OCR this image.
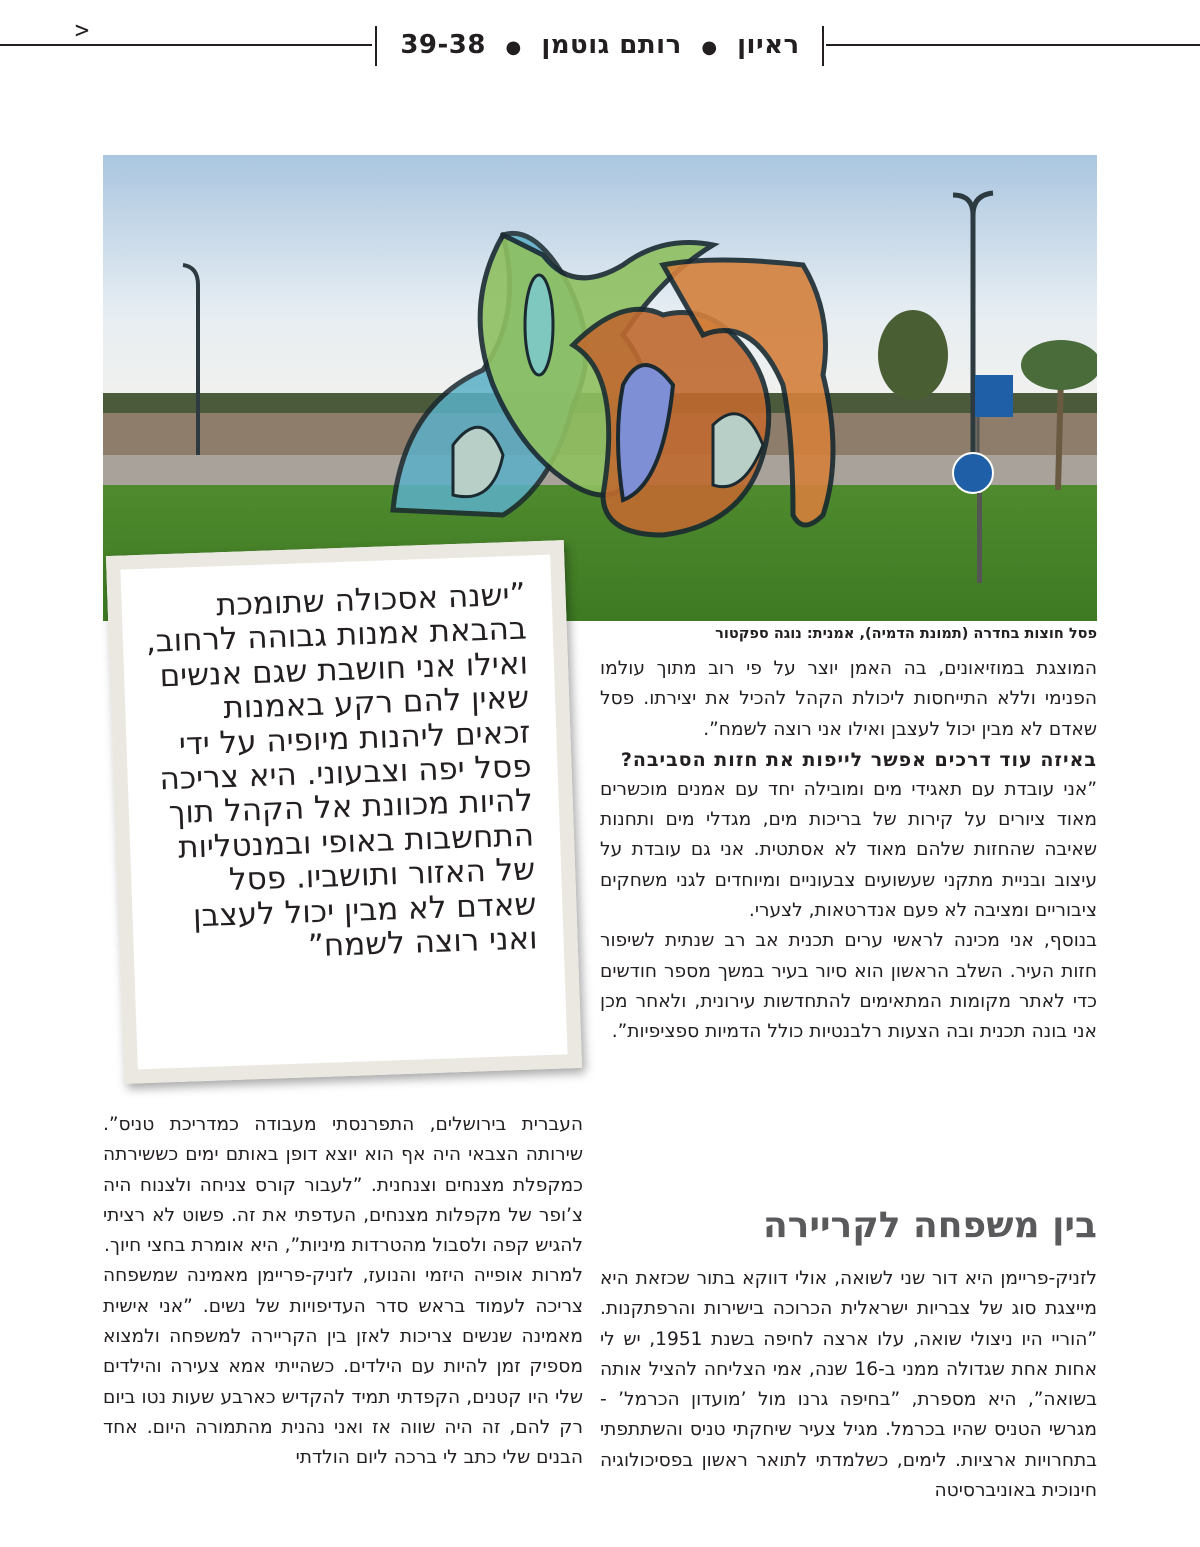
<	ראיון ● רותם גוטמן ● 39-38
פסל חוצות בחדרה (תמונת הדמיה), אמנית: נוגה ספקטור

המוצגת במוזיאונים, בה האמן יוצר על פי רוב מתוך עולמו הפנימי וללא התייחסות ליכולת הקהל להכיל את יצירתו. פסל שאדם לא מבין יכול לעצבן ואילו אני רוצה לשמח”.

באיזה עוד דרכים אפשר לייפות את חזות הסביבה?

”אני עובדת עם תאגידי מים ומובילה יחד עם אמנים מוכשרים מאוד ציורים על קירות של בריכות מים, מגדלי מים ותחנות שאיבה שהחזות שלהם מאוד לא אסתטית. אני גם עובדת על עיצוב ובניית מתקני שעשועים צבעוניים ומיוחדים לגני משחקים ציבוריים ומציבה לא פעם אנדרטאות, לצערי.

בנוסף, אני מכינה לראשי ערים תכנית אב רב שנתית לשיפור חזות העיר. השלב הראשון הוא סיור בעיר במשך מספר חודשים כדי לאתר מקומות המתאימים להתחדשות עירונית, ולאחר מכן אני בונה תכנית ובה הצעות רלבנטיות כולל הדמיות ספציפיות”.

בין משפחה לקריירה

לזניק-פריימן היא דור שני לשואה, אולי דווקא בתור שכזאת היא מייצגת סוג של צבריות ישראלית הכרוכה בישירות והרפתקנות. ”הוריי היו ניצולי שואה, עלו ארצה לחיפה בשנת 1951, יש לי אחות אחת שגדולה ממני ב-16 שנה, אמי הצליחה להציל אותה בשואה”, היא מספרת, ”בחיפה גרנו מול ’מועדון הכרמל’ - מגרשי הטניס שהיו בכרמל. מגיל צעיר שיחקתי טניס והשתתפתי בתחרויות ארציות. לימים, כשלמדתי לתואר ראשון בפסיכולוגיה חינוכית באוניברסיטה

העברית בירושלים, התפרנסתי מעבודה כמדריכת טניס”. שירותה הצבאי היה אף הוא יוצא דופן באותם ימים כששירתה כמקפלת מצנחים וצנחנית. ”לעבור קורס צניחה ולצנוח היה צ’ופר של מקפלות מצנחים, העדפתי את זה. פשוט לא רציתי להגיש קפה ולסבול מהטרדות מיניות”, היא אומרת בחצי חיוך.

למרות אופייה היזמי והנועז, לזניק-פריימן מאמינה שמשפחה צריכה לעמוד בראש סדר העדיפויות של נשים. ”אני אישית מאמינה שנשים צריכות לאזן בין הקריירה למשפחה ולמצוא מספיק זמן להיות עם הילדים. כשהייתי אמא צעירה והילדים שלי היו קטנים, הקפדתי תמיד להקדיש כארבע שעות נטו ביום רק להם, זה היה שווה אז ואני נהנית מהתמורה היום. אחד הבנים שלי כתב לי ברכה ליום הולדתי

”ישנה אסכולה שתומכת בהבאת אמנות גבוהה לרחוב, ואילו אני חושבת שגם אנשים שאין להם רקע באמנות זכאים ליהנות מיופיה על ידי פסל יפה וצבעוני. היא צריכה להיות מכוונת אל הקהל תוך התחשבות באופי ובמנטליות של האזור ותושביו. פסל שאדם לא מבין יכול לעצבן ואני רוצה לשמח”
